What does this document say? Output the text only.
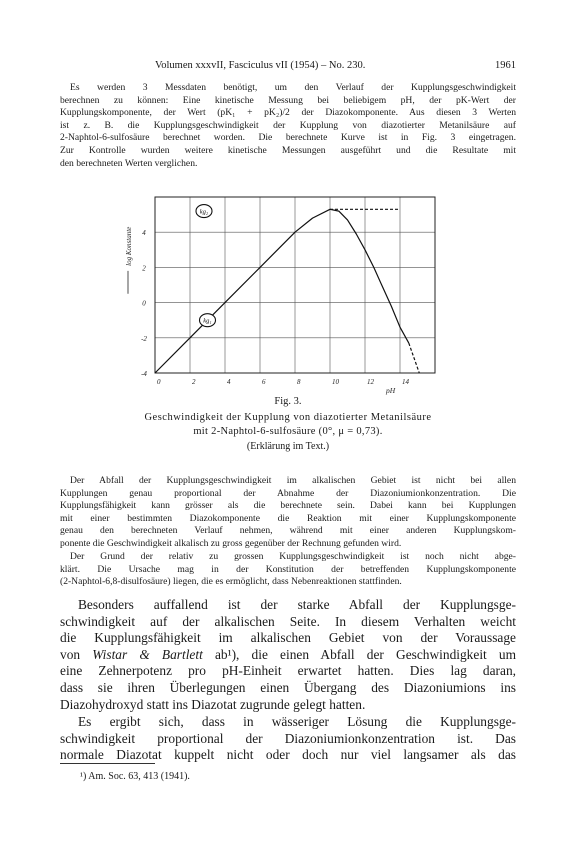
Volumen xxxvII, Fasciculus vII (1954) – No. 230.	1961

Es werden 3 Messdaten benötigt, um den Verlauf der Kupplungsgeschwindigkeit
berechnen zu können: Eine kinetische Messung bei beliebigem pH, der pK-Wert der
Kupplungskomponente, der Wert (pK₁ + pK₂)/2 der Diazokomponente. Aus diesen 3 Werten
ist z. B. die Kupplungsgeschwindigkeit der Kupplung von diazotierter Metanilsäure auf
2-Naphtol-6-sulfosäure berechnet worden. Die berechnete Kurve ist in Fig. 3 eingetragen.
Zur Kontrolle wurden weitere kinetische Messungen ausgeführt und die Resultate mit
den berechneten Werten verglichen.

0	2	4	6	8	10	12	14
4
2
0
-2
-4
pH
log Konstante
kg₂
kg₁

Fig. 3.

Geschwindigkeit der Kupplung von diazotierter Metanilsäure

mit 2-Naphtol-6-sulfosäure (0°, μ = 0,73).

(Erklärung im Text.)

Der Abfall der Kupplungsgeschwindigkeit im alkalischen Gebiet ist nicht bei allen
Kupplungen genau proportional der Abnahme der Diazoniumionkonzentration. Die
Kupplungsfähigkeit kann grösser als die berechnete sein. Dabei kann bei Kupplungen
mit einer bestimmten Diazokomponente die Reaktion mit einer Kupplungskomponente
genau den berechneten Verlauf nehmen, während mit einer anderen Kupplungskom-
ponente die Geschwindigkeit alkalisch zu gross gegenüber der Rechnung gefunden wird.

Der Grund der relativ zu grossen Kupplungsgeschwindigkeit ist noch nicht abge-
klärt. Die Ursache mag in der Konstitution der betreffenden Kupplungskomponente
(2-Naphtol-6,8-disulfosäure) liegen, die es ermöglicht, dass Nebenreaktionen stattfinden.

Besonders auffallend ist der starke Abfall der Kupplungsge-
schwindigkeit auf der alkalischen Seite. In diesem Verhalten weicht
die Kupplungsfähigkeit im alkalischen Gebiet von der Voraussage
von Wistar & Bartlett ab¹), die einen Abfall der Geschwindigkeit um
eine Zehnerpotenz pro pH-Einheit erwartet hatten. Dies lag daran,
dass sie ihren Überlegungen einen Übergang des Diazoniumions ins
Diazohydroxyd statt ins Diazotat zugrunde gelegt hatten.

Es ergibt sich, dass in wässeriger Lösung die Kupplungsge-
schwindigkeit proportional der Diazoniumionkonzentration ist. Das
normale Diazotat kuppelt nicht oder doch nur viel langsamer als das

¹) Am. Soc. 63, 413 (1941).
